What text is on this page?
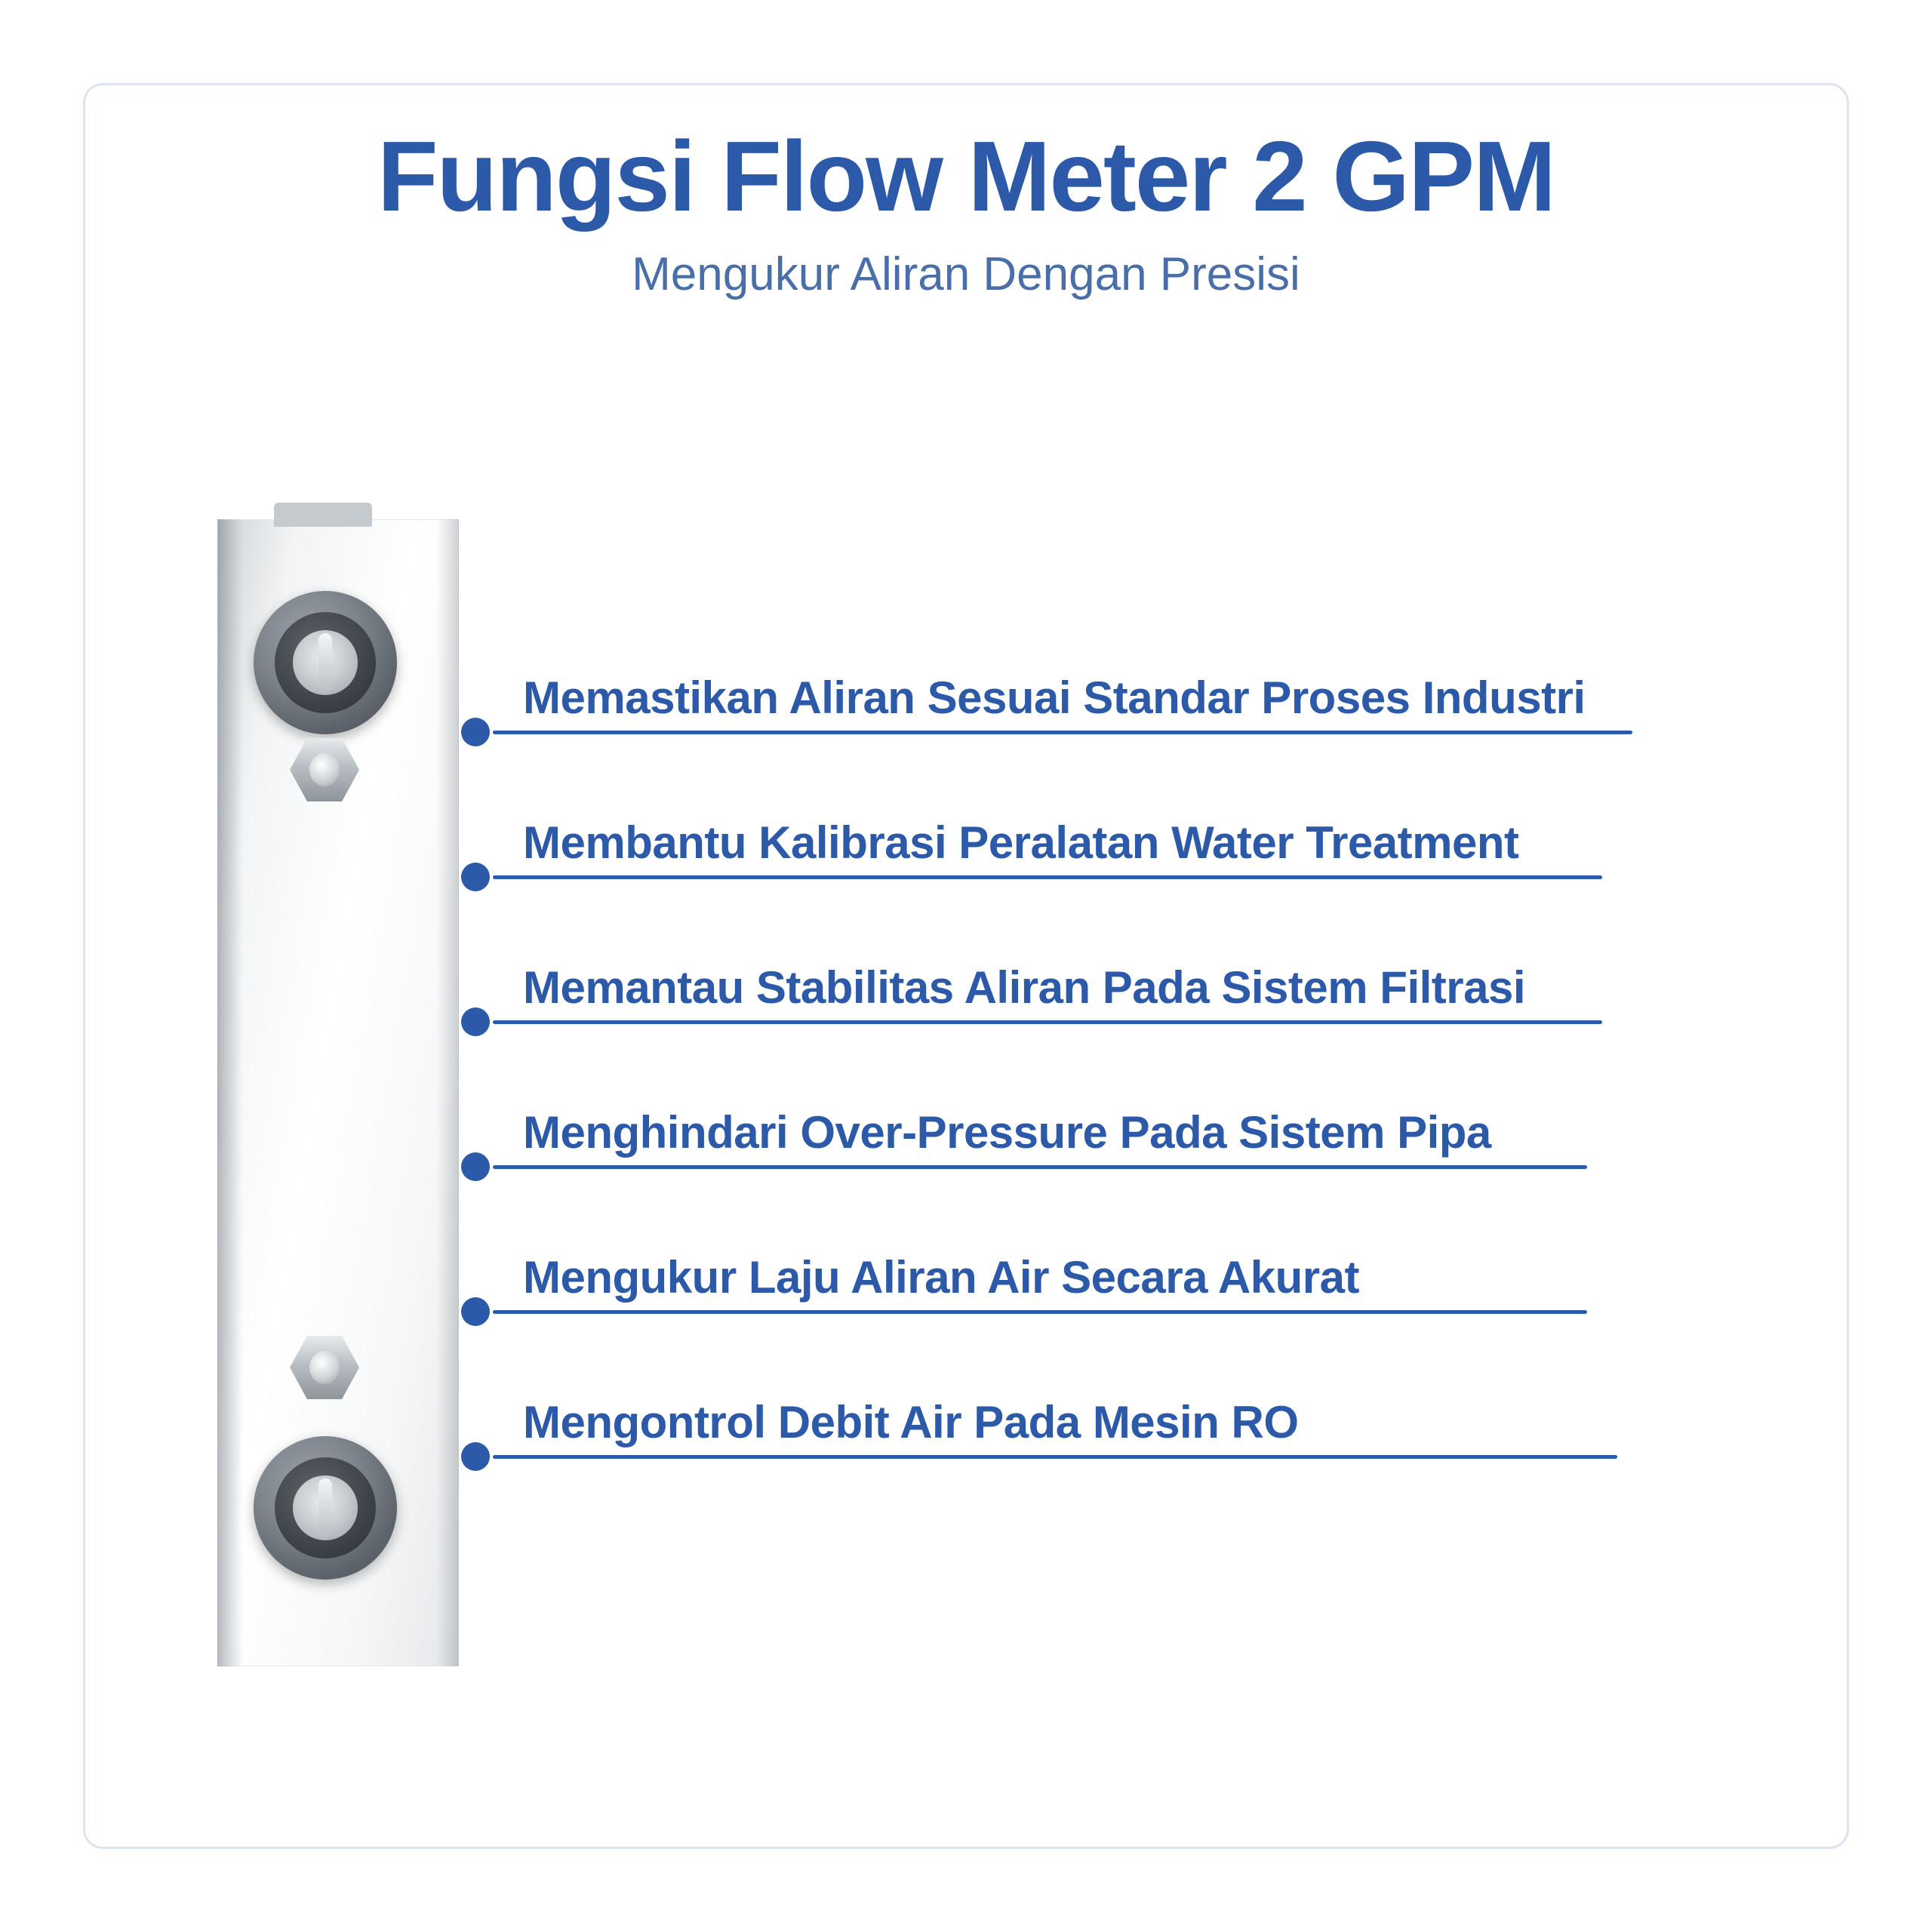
Fungsi Flow Meter 2 GPM
Mengukur Aliran Dengan Presisi
Memastikan Aliran Sesuai Standar Proses Industri
Membantu Kalibrasi Peralatan Water Treatment
Memantau Stabilitas Aliran Pada Sistem Filtrasi
Menghindari Over-Pressure Pada Sistem Pipa
Mengukur Laju Aliran Air Secara Akurat
Mengontrol Debit Air Pada Mesin RO
